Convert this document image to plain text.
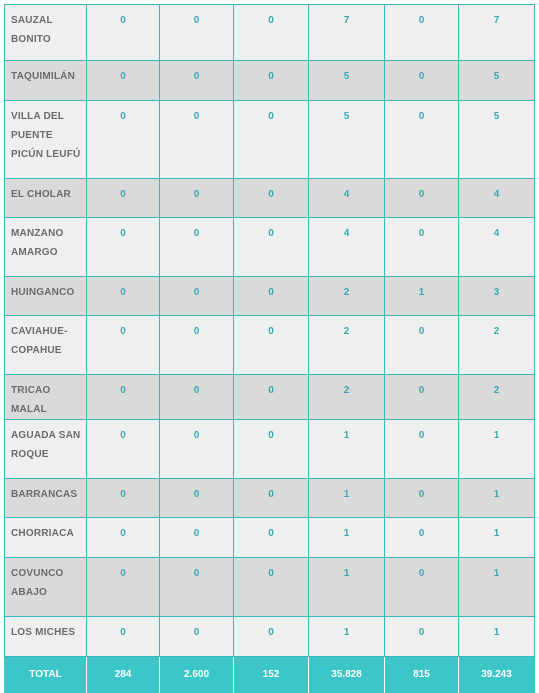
SAUZAL BONITO	0	0	0	7	0	7
TAQUIMILÁN	0	0	0	5	0	5
VILLA DEL PUENTE PICÚN LEUFÚ	0	0	0	5	0	5
EL CHOLAR	0	0	0	4	0	4
MANZANO AMARGO	0	0	0	4	0	4
HUINGANCO	0	0	0	2	1	3
CAVIAHUE-COPAHUE	0	0	0	2	0	2
TRICAO MALAL	0	0	0	2	0	2
AGUADA SAN ROQUE	0	0	0	1	0	1
BARRANCAS	0	0	0	1	0	1
CHORRIACA	0	0	0	1	0	1
COVUNCO ABAJO	0	0	0	1	0	1
LOS MICHES	0	0	0	1	0	1
TOTAL	284	2.600	152	35.828	815	39.243
